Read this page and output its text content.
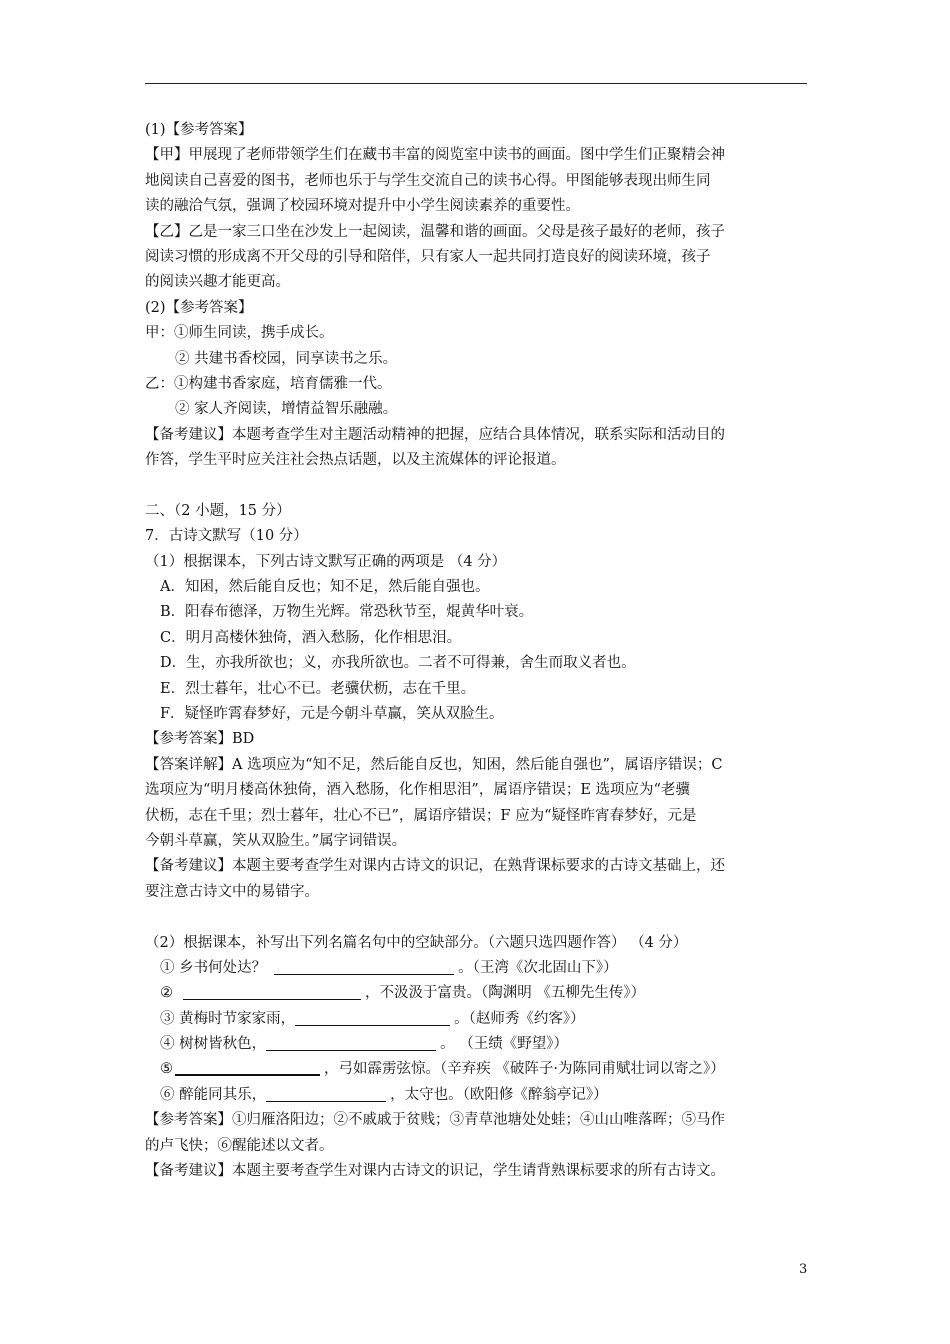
(1)【参考答案】
【甲】甲展现了老师带领学生们在藏书丰富的阅览室中读书的画面。图中学生们正聚精会神
地阅读自己喜爱的图书，老师也乐于与学生交流自己的读书心得。甲图能够表现出师生同
读的融洽气氛，强调了校园环境对提升中小学生阅读素养的重要性。
【乙】乙是一家三口坐在沙发上一起阅读，温馨和谐的画面。父母是孩子最好的老师，孩子
阅读习惯的形成离不开父母的引导和陪伴，只有家人一起共同打造良好的阅读环境，孩子
的阅读兴趣才能更高。
(2)【参考答案】
甲：①师生同读，携手成长。
② 共建书香校园，同享读书之乐。
乙：①构建书香家庭，培育儒雅一代。
② 家人齐阅读，增情益智乐融融。
【备考建议】本题考查学生对主题活动精神的把握，应结合具体情况，联系实际和活动目的
作答，学生平时应关注社会热点话题，以及主流媒体的评论报道。
二、（2 小题，15 分）
7．古诗文默写（10 分）
（1）根据课本，下列古诗文默写正确的两项是 （4 分）
A．知困，然后能自反也；知不足，然后能自强也。
B．阳春布德泽，万物生光辉。常恐秋节至，焜黄华叶衰。
C．明月高楼休独倚，酒入愁肠，化作相思泪。
D．生，亦我所欲也；义，亦我所欲也。二者不可得兼，舍生而取义者也。
E．烈士暮年，壮心不已。老骥伏枥，志在千里。
F．疑怪昨霄春梦好，元是今朝斗草赢，笑从双脸生。
【参考答案】BD
【答案详解】A 选项应为“知不足，然后能自反也，知困，然后能自强也”，属语序错误；C
选项应为“明月楼高休独倚，酒入愁肠，化作相思泪”，属语序错误；E 选项应为“老骥
伏枥，志在千里；烈士暮年，壮心不已”，属语序错误；F 应为“疑怪昨宵春梦好，元是
今朝斗草赢，笑从双脸生。”属字词错误。
【备考建议】本题主要考查学生对课内古诗文的识记，在熟背课标要求的古诗文基础上，还
要注意古诗文中的易错字。
（2）根据课本，补写出下列名篇名句中的空缺部分。（六题只选四题作答） （4 分）
① 乡书何处达？	。（王湾《次北固山下》）
②	，不汲汲于富贵。（陶渊明 《五柳先生传》）
③ 黄梅时节家家雨，	。（赵师秀《约客》）
④ 树树皆秋色，	。 （王绩《野望》）
⑤	，弓如霹雳弦惊。（辛弃疾 《破阵子·为陈同甫赋壮词以寄之》）
⑥ 醉能同其乐，	，太守也。（欧阳修《醉翁亭记》）
【参考答案】①归雁洛阳边；②不戚戚于贫贱；③青草池塘处处蛙；④山山唯落晖；⑤马作
的卢飞快；⑥醒能述以文者。
【备考建议】本题主要考查学生对课内古诗文的识记，学生请背熟课标要求的所有古诗文。
3
